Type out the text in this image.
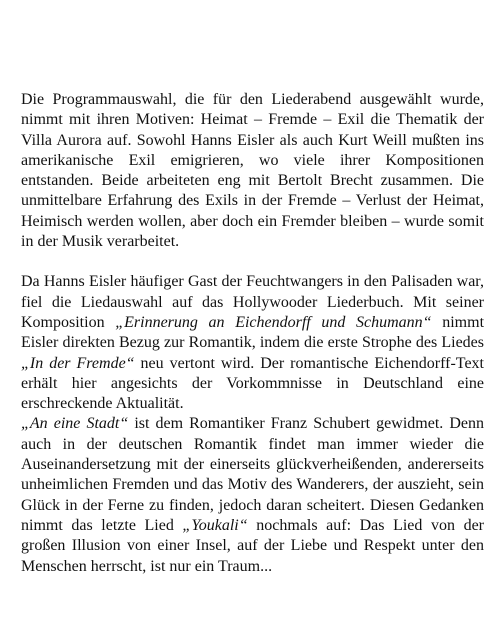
Die Programmauswahl, die für den Liederabend ausgewählt wurde, nimmt mit ihren Motiven: Heimat – Fremde – Exil die Thematik der Villa Aurora auf. Sowohl Hanns Eisler als auch Kurt Weill mußten ins amerikanische Exil emigrieren, wo viele ihrer Kompositionen entstanden. Beide arbeiteten eng mit Bertolt Brecht zusammen. Die unmittelbare Erfahrung des Exils in der Fremde – Verlust der Heimat, Heimisch werden wollen, aber doch ein Fremder bleiben – wurde somit in der Musik verarbeitet.

Da Hanns Eisler häufiger Gast der Feuchtwangers in den Palisaden war, fiel die Liedauswahl auf das Hollywooder Liederbuch. Mit seiner Komposition „Erinnerung an Eichendorff und Schumann“ nimmt Eisler direkten Bezug zur Romantik, indem die erste Strophe des Liedes „In der Fremde“ neu vertont wird. Der romantische Eichendorff-Text erhält hier angesichts der Vorkommnisse in Deutschland eine erschreckende Aktualität.

„An eine Stadt“ ist dem Romantiker Franz Schubert gewidmet. Denn auch in der deutschen Romantik findet man immer wieder die Auseinandersetzung mit der einerseits glückverheißenden, andererseits unheimlichen Fremden und das Motiv des Wanderers, der auszieht, sein Glück in der Ferne zu finden, jedoch daran scheitert. Diesen Gedanken nimmt das letzte Lied „Youkali“ nochmals auf: Das Lied von der großen Illusion von einer Insel, auf der Liebe und Respekt unter den Menschen herrscht, ist nur ein Traum...
